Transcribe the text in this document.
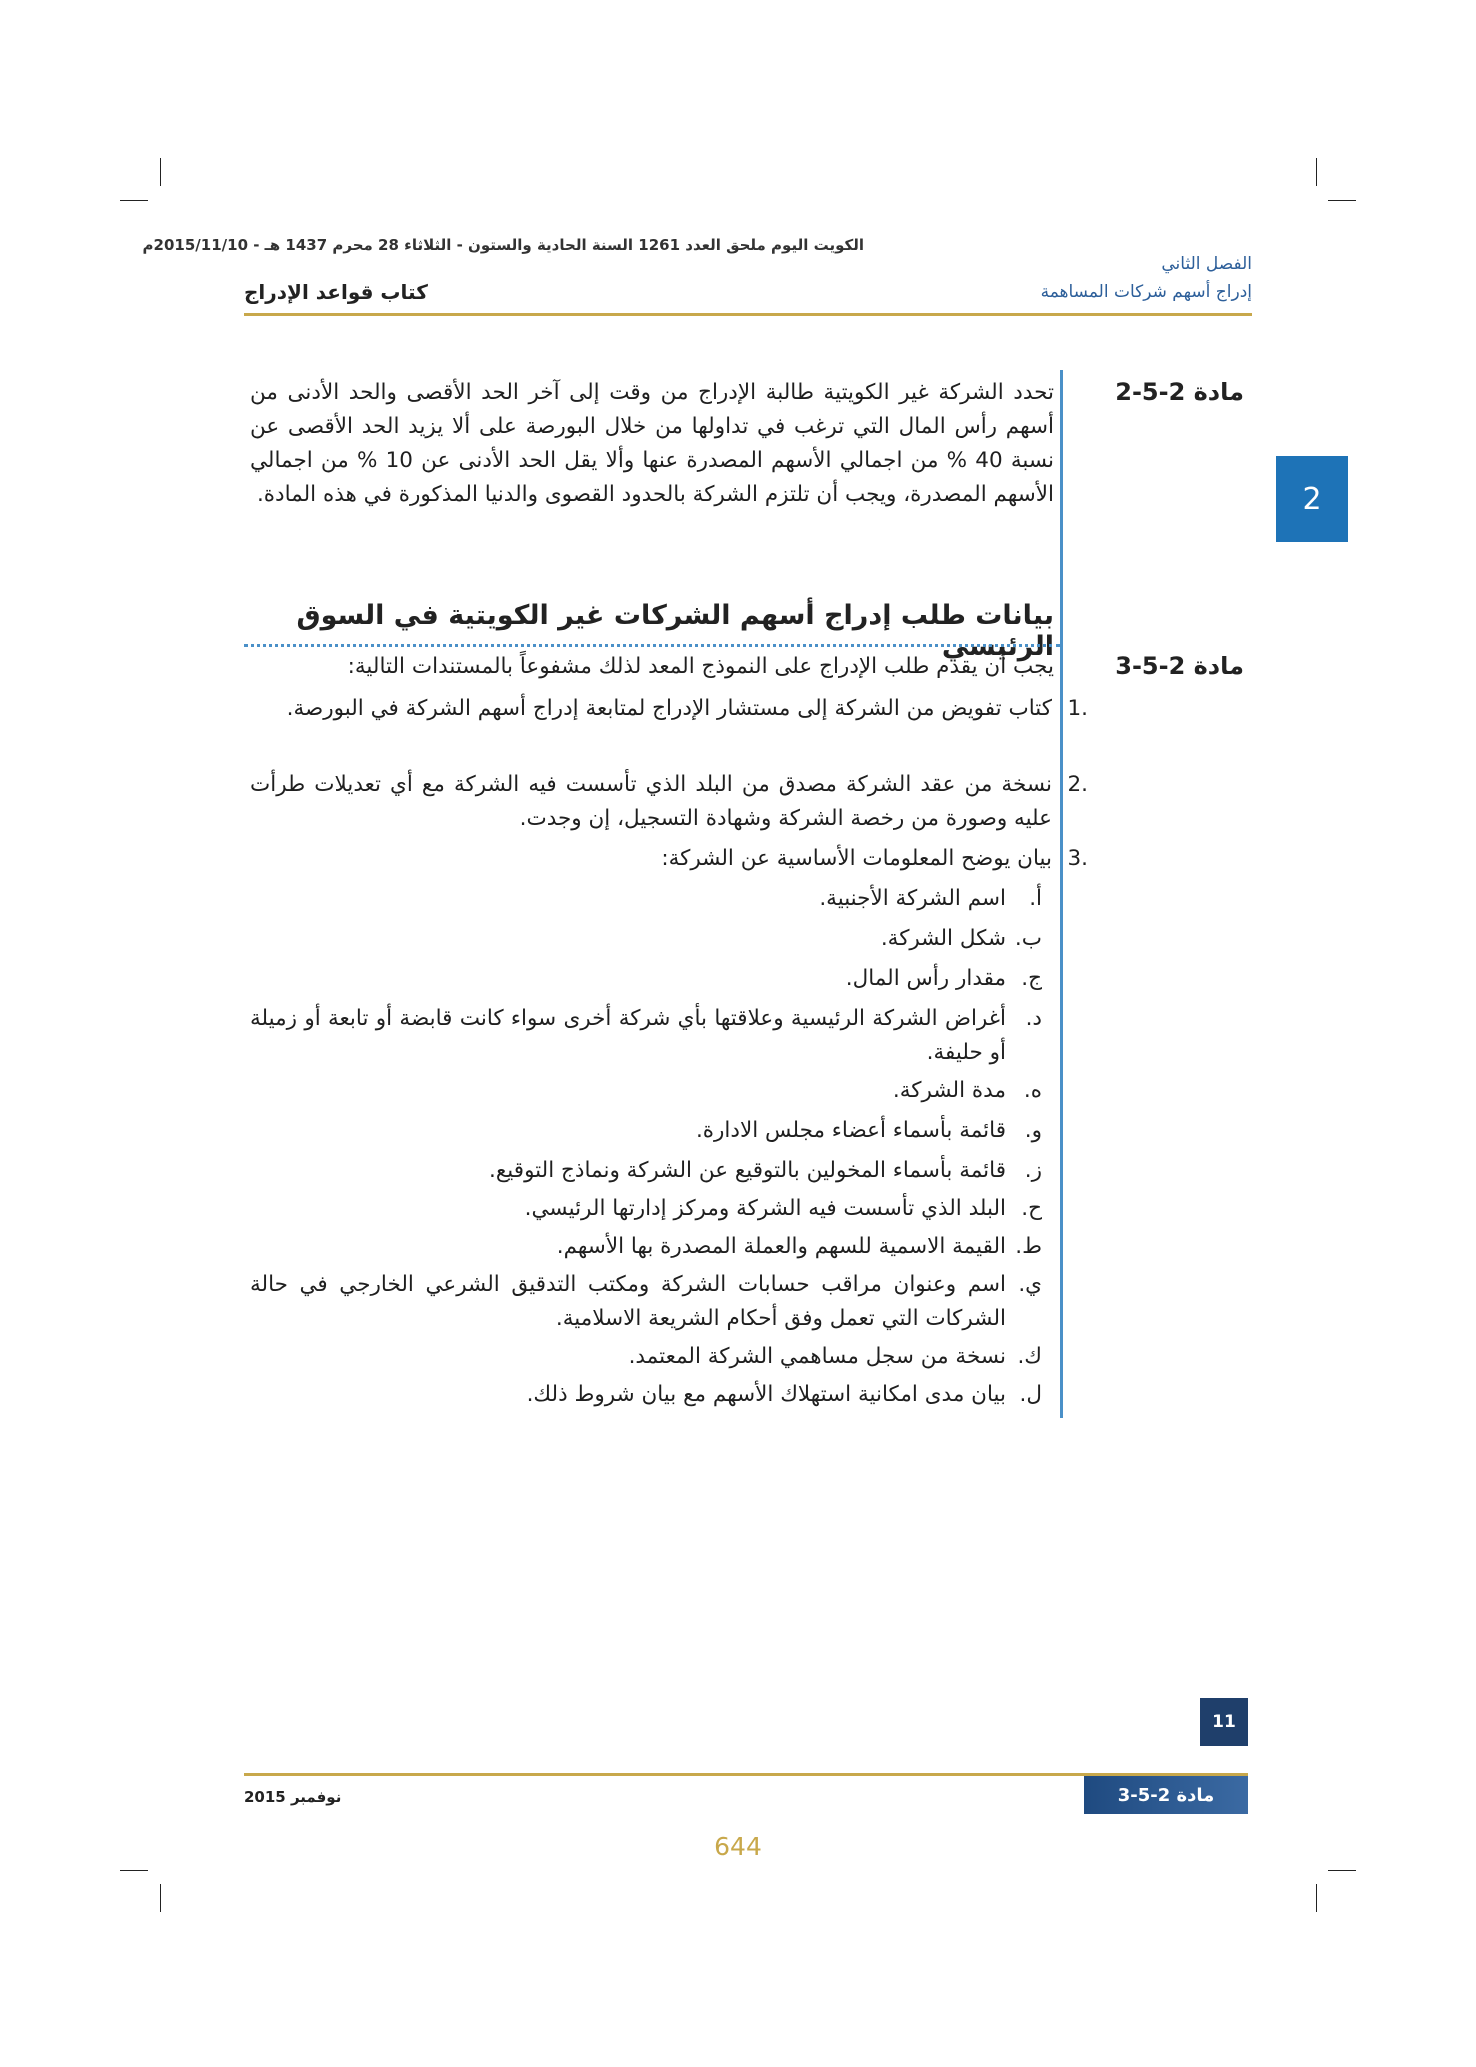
الكويت اليوم ملحق العدد 1261 السنة الحادية والستون - الثلاثاء 28 محرم 1437 هـ - 2015/11/10م
الفصل الثاني
إدراج أسهم شركات المساهمة
كتاب قواعد الإدراج
2
مادة 2-5-2
تحدد الشركة غير الكويتية طالبة الإدراج من وقت إلى آخر الحد الأقصى والحد الأدنى من أسهم رأس المال التي ترغب في تداولها من خلال البورصة على ألا يزيد الحد الأقصى عن نسبة 40 % من اجمالي الأسهم المصدرة عنها وألا يقل الحد الأدنى عن 10 % من اجمالي الأسهم المصدرة، ويجب أن تلتزم الشركة بالحدود القصوى والدنيا المذكورة في هذه المادة.
بيانات طلب إدراج أسهم الشركات غير الكويتية في السوق الرئيسي
مادة 2-5-3
يجب أن يقدم طلب الإدراج على النموذج المعد لذلك مشفوعاً بالمستندات التالية:
.1
كتاب تفويض من الشركة إلى مستشار الإدراج لمتابعة إدراج أسهم الشركة في البورصة.
.2
نسخة من عقد الشركة مصدق من البلد الذي تأسست فيه الشركة مع أي تعديلات طرأت عليه وصورة من رخصة الشركة وشهادة التسجيل، إن وجدت.
.3
بيان يوضح المعلومات الأساسية عن الشركة:
أ.
اسم الشركة الأجنبية.
ب.
شكل الشركة.
ج.
مقدار رأس المال.
د.
أغراض الشركة الرئيسية وعلاقتها بأي شركة أخرى سواء كانت قابضة أو تابعة أو زميلة أو حليفة.
ه.
مدة الشركة.
و.
قائمة بأسماء أعضاء مجلس الادارة.
ز.
قائمة بأسماء المخولين بالتوقيع عن الشركة ونماذج التوقيع.
ح.
البلد الذي تأسست فيه الشركة ومركز إدارتها الرئيسي.
ط.
القيمة الاسمية للسهم والعملة المصدرة بها الأسهم.
ي.
اسم وعنوان مراقب حسابات الشركة ومكتب التدقيق الشرعي الخارجي في حالة الشركات التي تعمل وفق أحكام الشريعة الاسلامية.
ك.
نسخة من سجل مساهمي الشركة المعتمد.
ل.
بيان مدى امكانية استهلاك الأسهم مع بيان شروط ذلك.
11
نوفمبر 2015	مادة 2-5-3
644
